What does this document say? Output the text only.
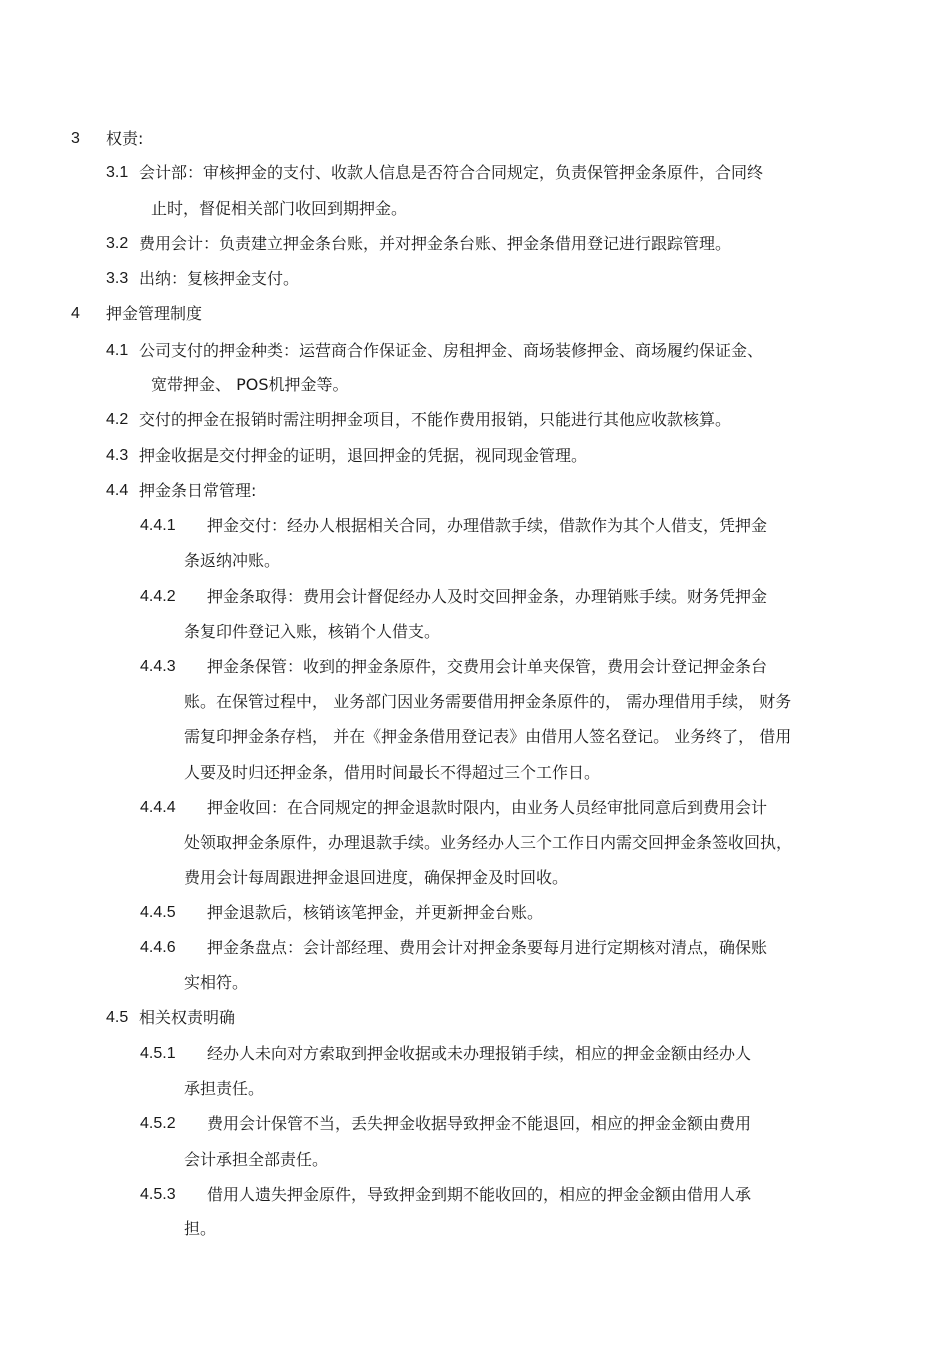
3 权责:
3.1 会计部：审核押金的支付、收款人信息是否符合合同规定，负责保管押金条原件，合同终
止时，督促相关部门收回到期押金。
3.2 费用会计：负责建立押金条台账，并对押金条台账、押金条借用登记进行跟踪管理。
3.3 出纳：复核押金支付。
4 押金管理制度
4.1 公司支付的押金种类：运营商合作保证金、房租押金、商场装修押金、商场履约保证金、
宽带押金、 POS机押金等。
4.2 交付的押金在报销时需注明押金项目，不能作费用报销，只能进行其他应收款核算。
4.3 押金收据是交付押金的证明，退回押金的凭据，视同现金管理。
4.4 押金条日常管理:
4.4.1 押金交付：经办人根据相关合同，办理借款手续，借款作为其个人借支，凭押金
条返纳冲账。
4.4.2 押金条取得：费用会计督促经办人及时交回押金条，办理销账手续。财务凭押金
条复印件登记入账，核销个人借支。
4.4.3 押金条保管：收到的押金条原件，交费用会计单夹保管，费用会计登记押金条台
账。在保管过程中， 业务部门因业务需要借用押金条原件的， 需办理借用手续， 财务
需复印押金条存档， 并在《押金条借用登记表》由借用人签名登记。 业务终了， 借用
人要及时归还押金条，借用时间最长不得超过三个工作日。
4.4.4 押金收回：在合同规定的押金退款时限内，由业务人员经审批同意后到费用会计
处领取押金条原件，办理退款手续。业务经办人三个工作日内需交回押金条签收回执，
费用会计每周跟进押金退回进度，确保押金及时回收。
4.4.5 押金退款后，核销该笔押金，并更新押金台账。
4.4.6 押金条盘点：会计部经理、费用会计对押金条要每月进行定期核对清点，确保账
实相符。
4.5 相关权责明确
4.5.1 经办人未向对方索取到押金收据或未办理报销手续，相应的押金金额由经办人
承担责任。
4.5.2 费用会计保管不当，丢失押金收据导致押金不能退回，相应的押金金额由费用
会计承担全部责任。
4.5.3 借用人遗失押金原件，导致押金到期不能收回的，相应的押金金额由借用人承
担。
